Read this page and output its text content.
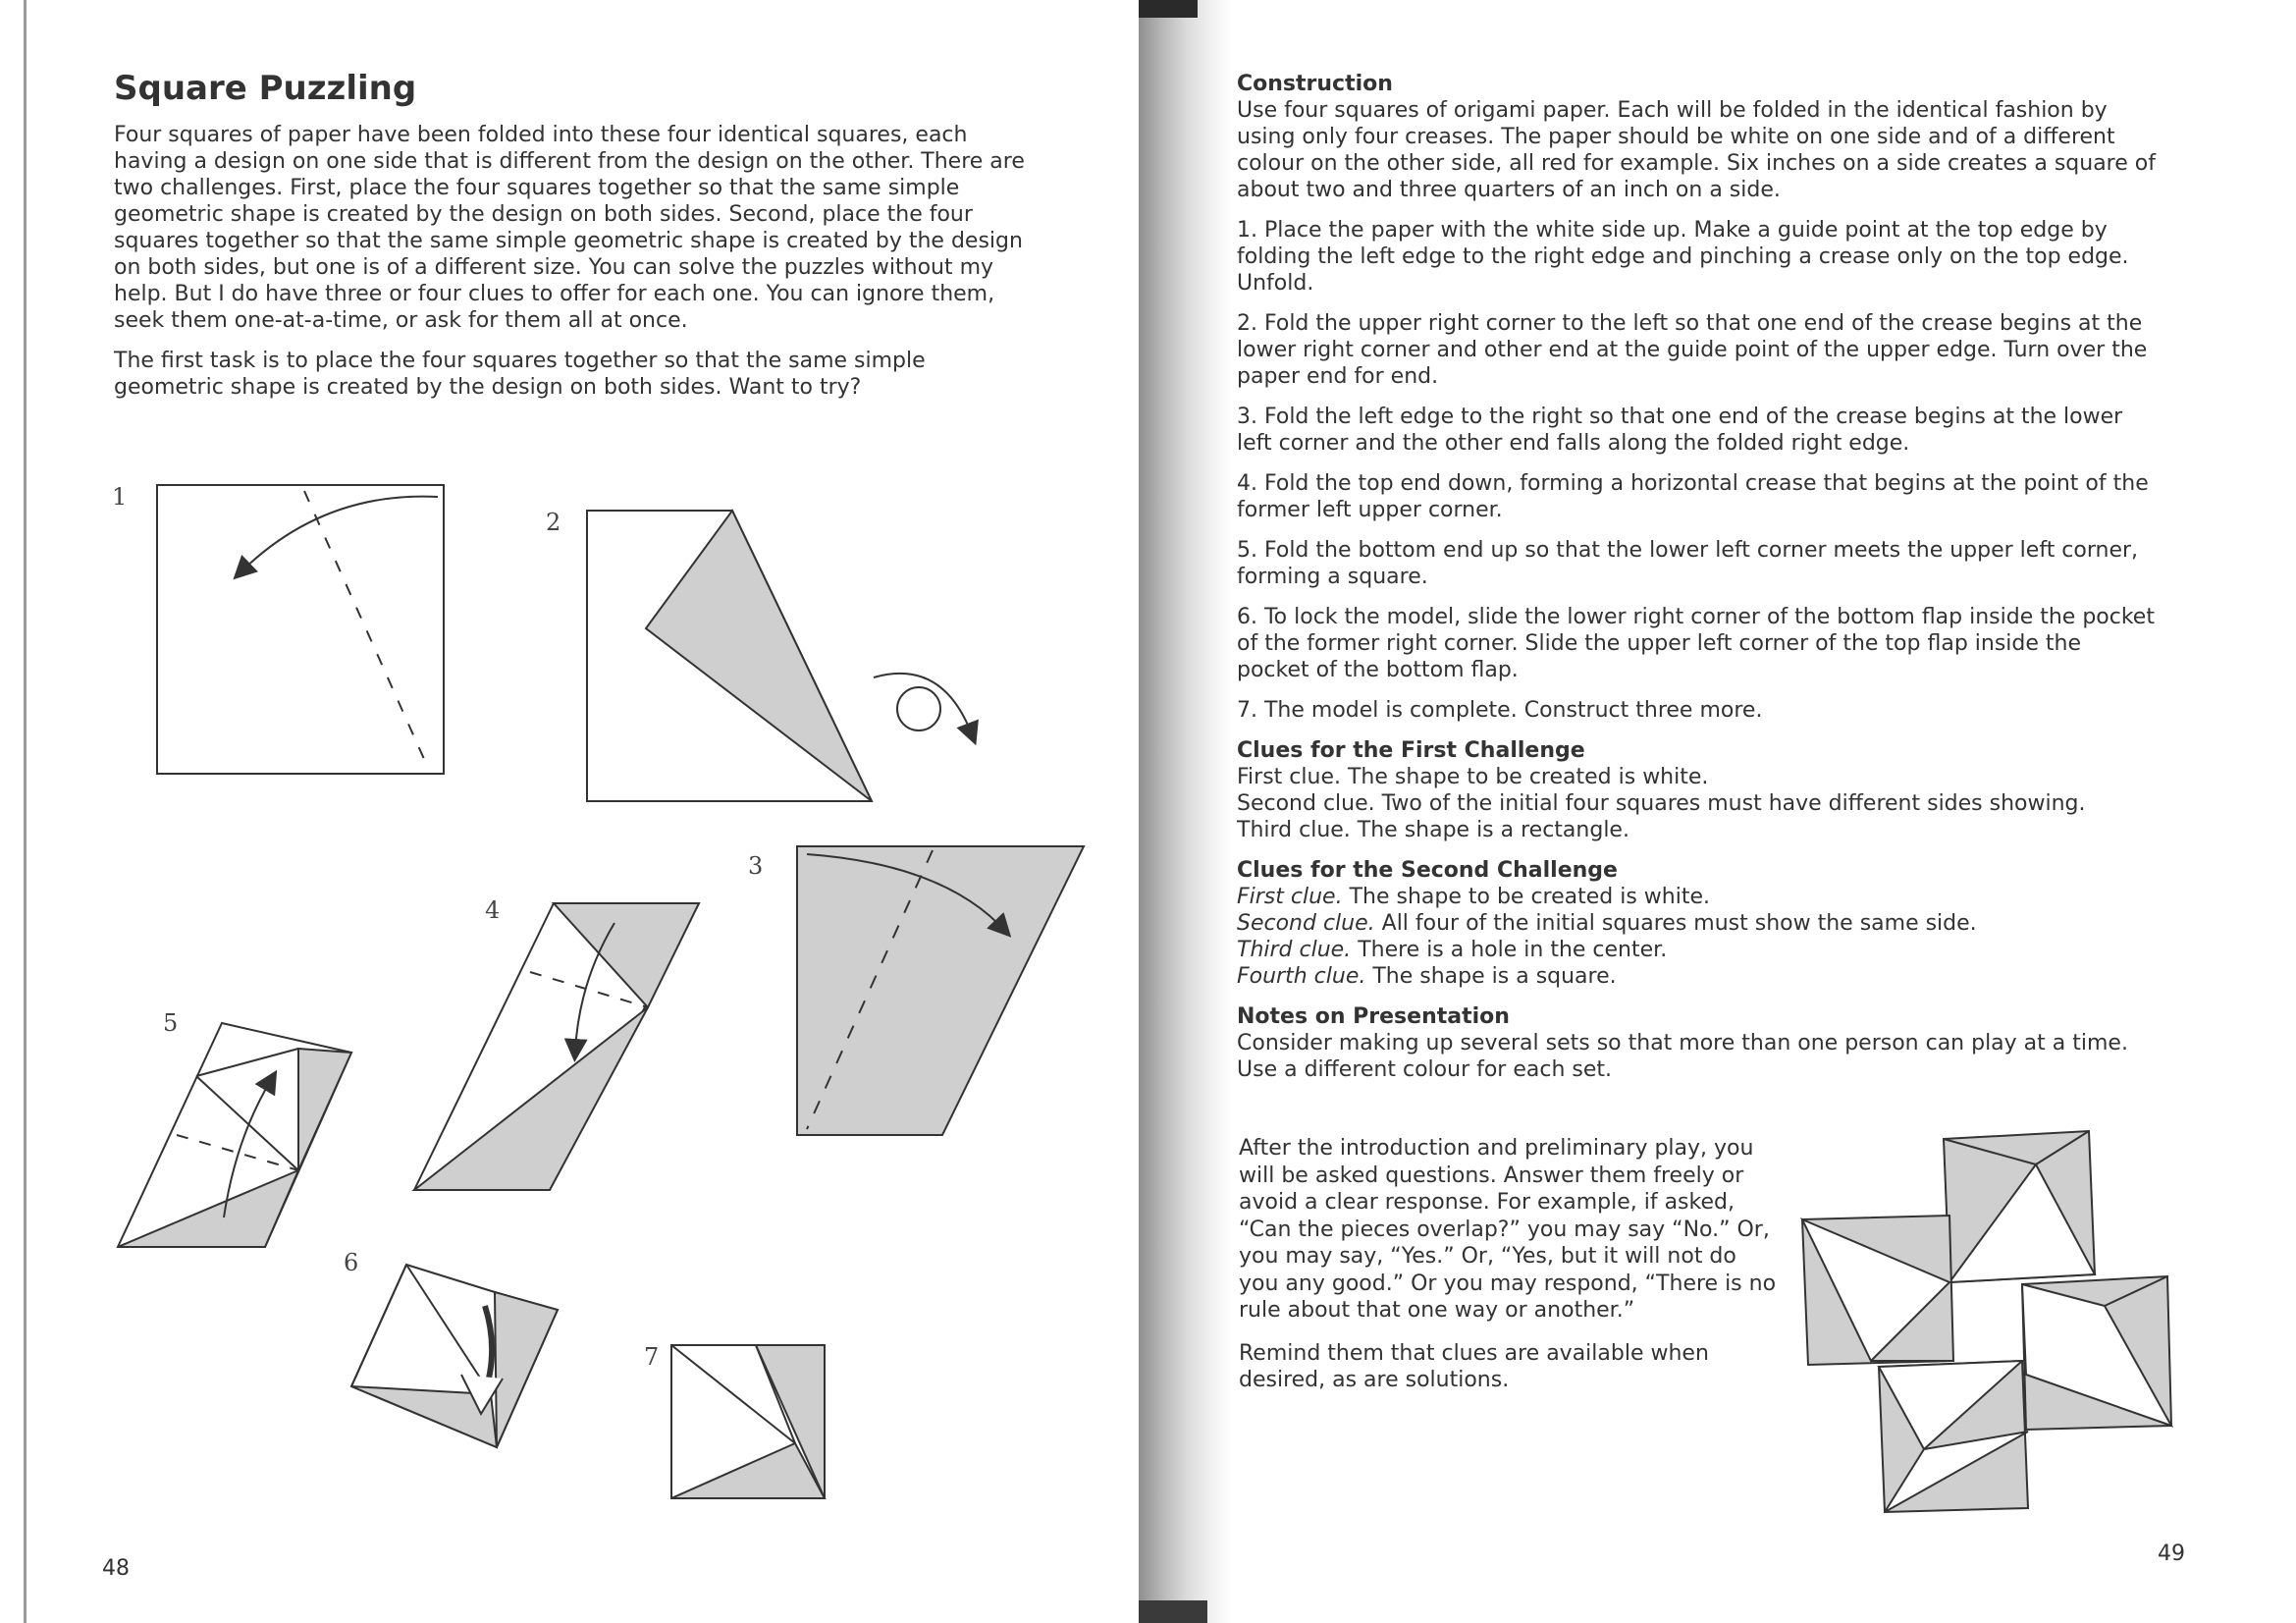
Square Puzzling

Four squares of paper have been folded into these four identical squares, each having a design on one side that is different from the design on the other. There are two challenges. First, place the four squares together so that the same simple geometric shape is created by the design on both sides. Second, place the four squares together so that the same simple geometric shape is created by the design on both sides, but one is of a different size. You can solve the puzzles without my help. But I do have three or four clues to offer for each one. You can ignore them, seek them one-at-a-time, or ask for them all at once.

The first task is to place the four squares together so that the same simple geometric shape is created by the design on both sides. Want to try?

48
1
2
3
4
5
6
7
Construction
Use four squares of origami paper. Each will be folded in the identical fashion by using only four creases. The paper should be white on one side and of a different colour on the other side, all red for example. Six inches on a side creates a square of about two and three quarters of an inch on a side.

1. Place the paper with the white side up. Make a guide point at the top edge by folding the left edge to the right edge and pinching a crease only on the top edge. Unfold.

2. Fold the upper right corner to the left so that one end of the crease begins at the lower right corner and other end at the guide point of the upper edge. Turn over the paper end for end.

3. Fold the left edge to the right so that one end of the crease begins at the lower left corner and the other end falls along the folded right edge.

4. Fold the top end down, forming a horizontal crease that begins at the point of the former left upper corner.

5. Fold the bottom end up so that the lower left corner meets the upper left corner, forming a square.

6. To lock the model, slide the lower right corner of the bottom flap inside the pocket of the former right corner. Slide the upper left corner of the top flap inside the pocket of the bottom flap.

7. The model is complete. Construct three more.

Clues for the First Challenge
First clue. The shape to be created is white.
Second clue. Two of the initial four squares must have different sides showing.
Third clue. The shape is a rectangle.
Clues for the Second Challenge
First clue. The shape to be created is white.
Second clue. All four of the initial squares must show the same side.
Third clue. There is a hole in the center.
Fourth clue. The shape is a square.
Notes on Presentation
Consider making up several sets so that more than one person can play at a time. Use a different colour for each set.

After the introduction and preliminary play, you will be asked questions. Answer them freely or avoid a clear response. For example, if asked, “Can the pieces overlap?” you may say “No.” Or, you may say, “Yes.” Or, “Yes, but it will not do you any good.” Or you may respond, “There is no rule about that one way or another.”

Remind them that clues are available when desired, as are solutions.

49
